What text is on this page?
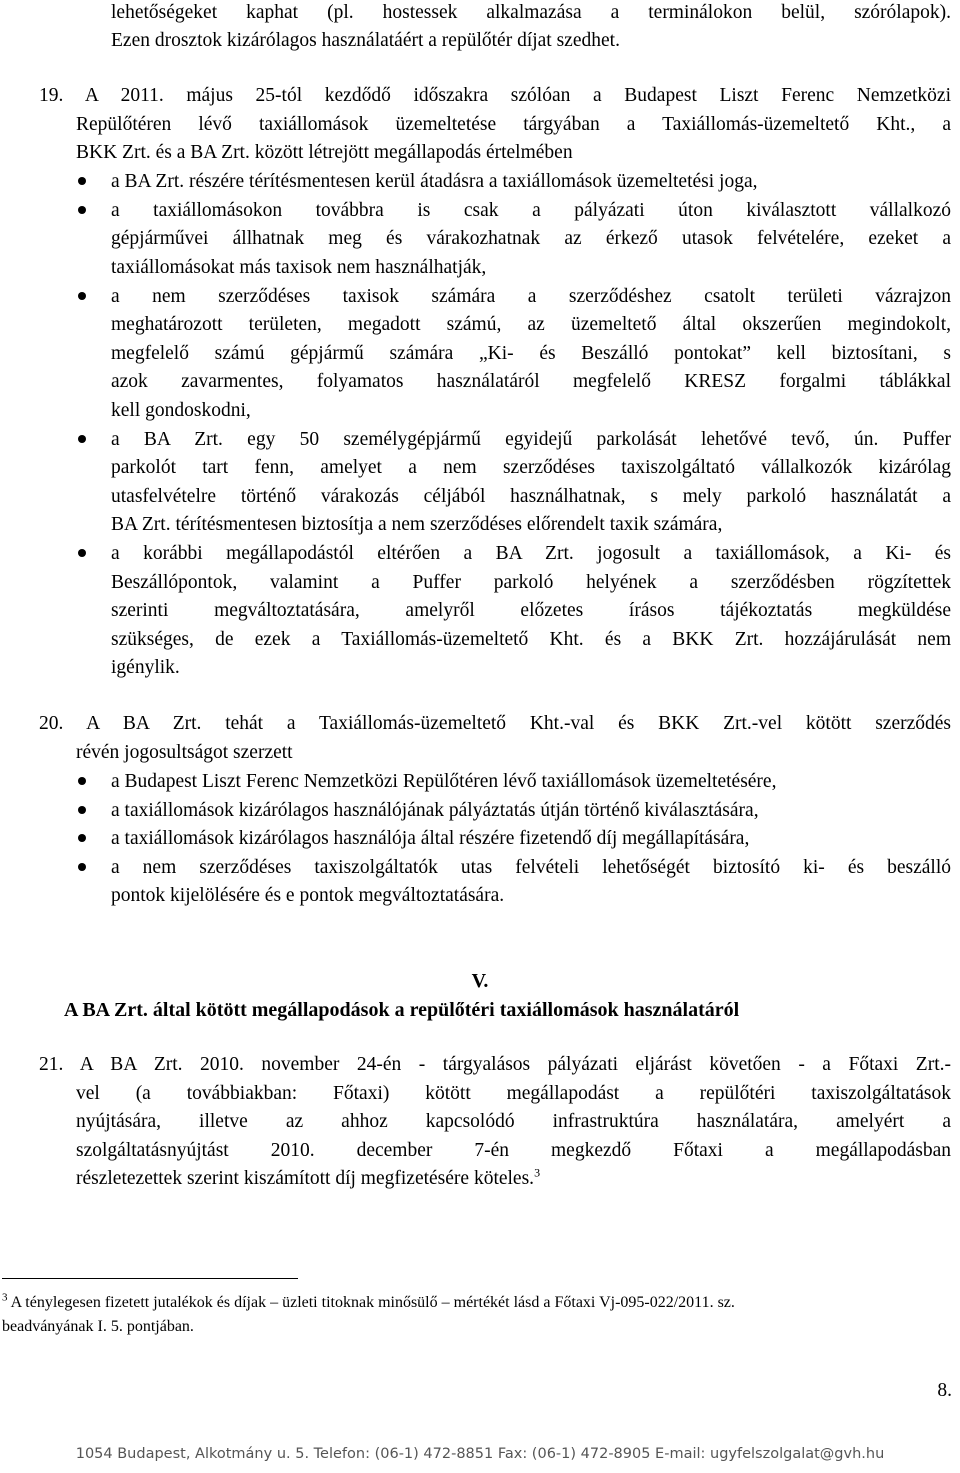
lehetőségeket kaphat (pl. hostessek alkalmazása a terminálokon belül, szórólapok).
Ezen drosztok kizárólagos használatáért a repülőtér díjat szedhet.
19. A 2011. május 25-tól kezdődő időszakra szólóan a Budapest Liszt Ferenc Nemzetközi
Repülőtéren lévő taxiállomások üzemeltetése tárgyában a Taxiállomás-üzemeltető Kht., a
BKK Zrt. és a BA Zrt. között létrejött megállapodás értelmében
a BA Zrt. részére térítésmentesen kerül átadásra a taxiállomások üzemeltetési joga,
a taxiállomásokon továbbra is csak a pályázati úton kiválasztott vállalkozó
gépjárművei állhatnak meg és várakozhatnak az érkező utasok felvételére, ezeket a
taxiállomásokat más taxisok nem használhatják,
a nem szerződéses taxisok számára a szerződéshez csatolt területi vázrajzon
meghatározott területen, megadott számú, az üzemeltető által okszerűen megindokolt,
megfelelő számú gépjármű számára „Ki- és Beszálló pontokat” kell biztosítani, s
azok zavarmentes, folyamatos használatáról megfelelő KRESZ forgalmi táblákkal
kell gondoskodni,
a BA Zrt. egy 50 személygépjármű egyidejű parkolását lehetővé tevő, ún. Puffer
parkolót tart fenn, amelyet a nem szerződéses taxiszolgáltató vállalkozók kizárólag
utasfelvételre történő várakozás céljából használhatnak, s mely parkoló használatát a
BA Zrt. térítésmentesen biztosítja a nem szerződéses előrendelt taxik számára,
a korábbi megállapodástól eltérően a BA Zrt. jogosult a taxiállomások, a Ki- és
Beszállópontok, valamint a Puffer parkoló helyének a szerződésben rögzítettek
szerinti megváltoztatására, amelyről előzetes írásos tájékoztatás megküldése
szükséges, de ezek a Taxiállomás-üzemeltető Kht. és a BKK Zrt. hozzájárulását nem
igénylik.
20. A BA Zrt. tehát a Taxiállomás-üzemeltető Kht.-val és BKK Zrt.-vel kötött szerződés
révén jogosultságot szerzett
a Budapest Liszt Ferenc Nemzetközi Repülőtéren lévő taxiállomások üzemeltetésére,
a taxiállomások kizárólagos használójának pályáztatás útján történő kiválasztására,
a taxiállomások kizárólagos használója által részére fizetendő díj megállapítására,
a nem szerződéses taxiszolgáltatók utas felvételi lehetőségét biztosító ki- és beszálló
pontok kijelölésére és e pontok megváltoztatására.
V.
A BA Zrt. által kötött megállapodások a repülőtéri taxiállomások használatáról
21. A BA Zrt. 2010. november 24-én - tárgyalásos pályázati eljárást követően - a Főtaxi Zrt.-
vel (a továbbiakban: Főtaxi) kötött megállapodást a repülőtéri taxiszolgáltatások
nyújtására, illetve az ahhoz kapcsolódó infrastruktúra használatára, amelyért a
szolgáltatásnyújtást 2010. december 7-én megkezdő Főtaxi a megállapodásban
részletezettek szerint kiszámított díj megfizetésére köteles.$^3$
$^3$ A ténylegesen fizetett jutalékok és díjak – üzleti titoknak minősülő – mértékét lásd a Főtaxi Vj-095-022/2011. sz.
beadványának I. 5. pontjában.
8.
1054 Budapest, Alkotmány u. 5. Telefon: (06-1) 472-8851 Fax: (06-1) 472-8905 E-mail: ugyfelszolgalat@gvh.hu
